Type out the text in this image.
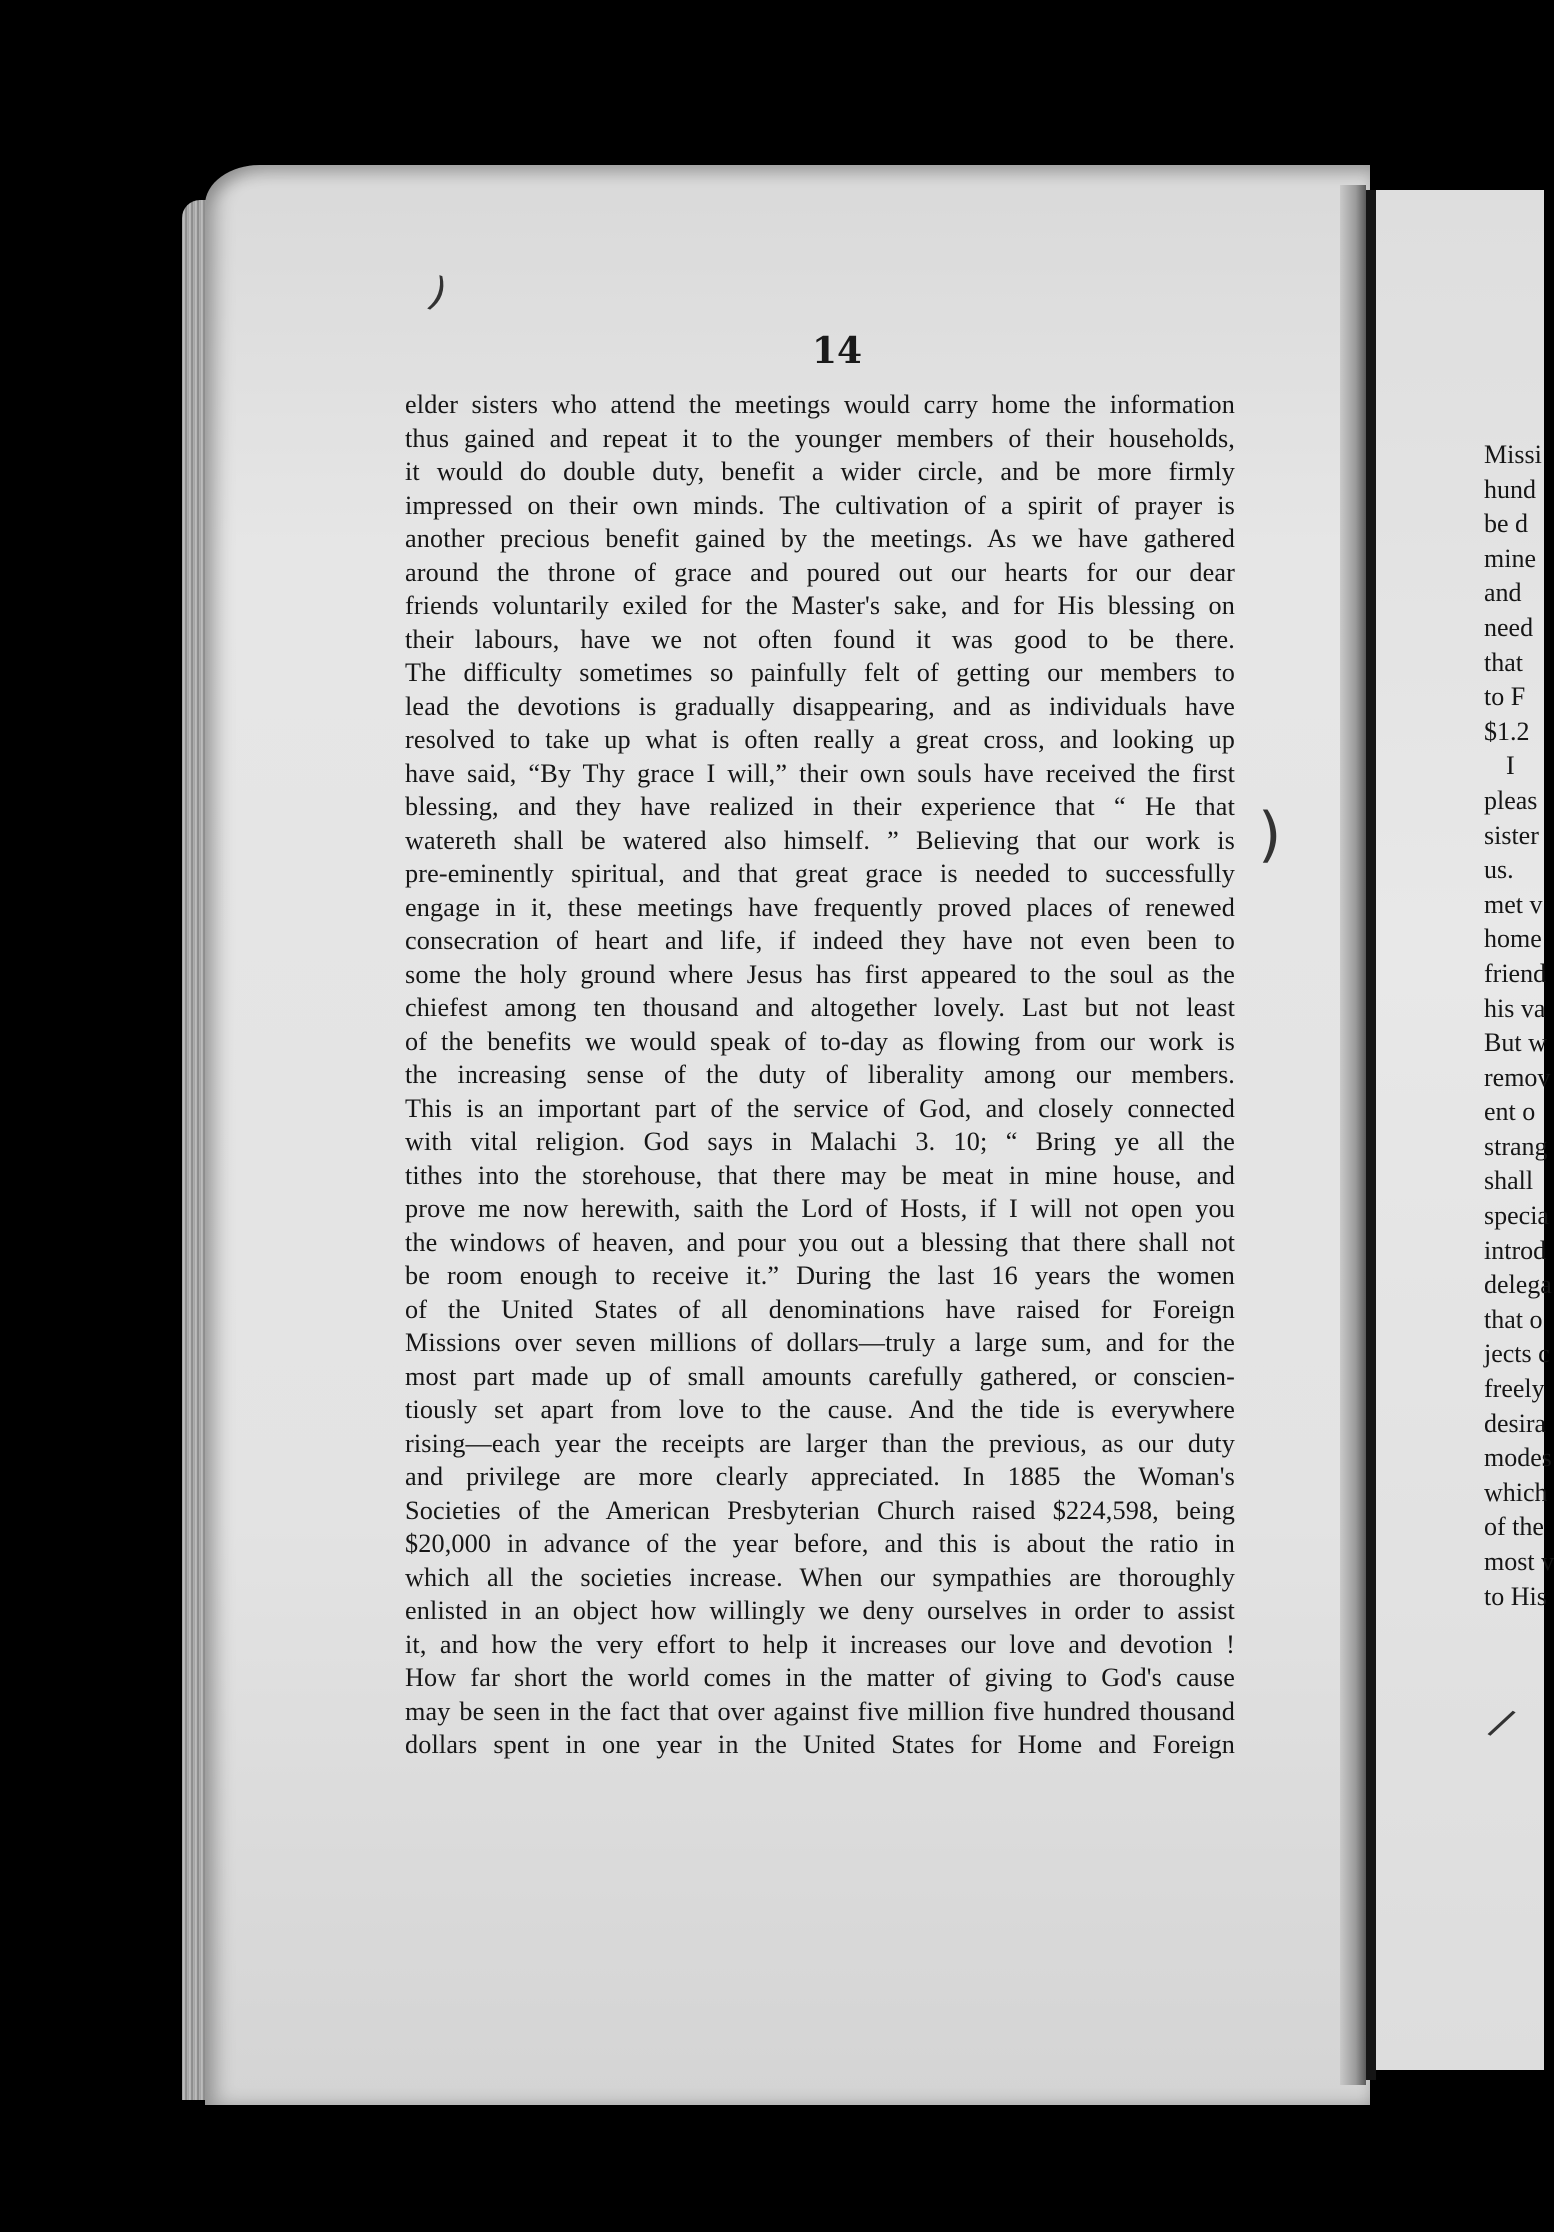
14
elder sisters who attend the meetings would carry home the information
thus gained and repeat it to the younger members of their households,
it would do double duty, benefit a wider circle, and be more firmly
impressed on their own minds. The cultivation of a spirit of prayer is
another precious benefit gained by the meetings. As we have gathered
around the throne of grace and poured out our hearts for our dear
friends voluntarily exiled for the Master's sake, and for His blessing on
their labours, have we not often found it was good to be there.
The difficulty sometimes so painfully felt of getting our members to
lead the devotions is gradually disappearing, and as individuals have
resolved to take up what is often really a great cross, and looking up
have said, “By Thy grace I will,” their own souls have received the first
blessing, and they have realized in their experience that “ He that
watereth shall be watered also himself. ” Believing that our work is
pre-eminently spiritual, and that great grace is needed to successfully
engage in it, these meetings have frequently proved places of renewed
consecration of heart and life, if indeed they have not even been to
some the holy ground where Jesus has first appeared to the soul as the
chiefest among ten thousand and altogether lovely. Last but not least
of the benefits we would speak of to-day as flowing from our work is
the increasing sense of the duty of liberality among our members.
This is an important part of the service of God, and closely connected
with vital religion. God says in Malachi 3. 10; “ Bring ye all the
tithes into the storehouse, that there may be meat in mine house, and
prove me now herewith, saith the Lord of Hosts, if I will not open you
the windows of heaven, and pour you out a blessing that there shall not
be room enough to receive it.” During the last 16 years the women
of the United States of all denominations have raised for Foreign
Missions over seven millions of dollars—truly a large sum, and for the
most part made up of small amounts carefully gathered, or conscien-
tiously set apart from love to the cause. And the tide is everywhere
rising—each year the receipts are larger than the previous, as our duty
and privilege are more clearly appreciated. In 1885 the Woman's
Societies of the American Presbyterian Church raised $224,598, being
$20,000 in advance of the year before, and this is about the ratio in
which all the societies increase. When our sympathies are thoroughly
enlisted in an object how willingly we deny ourselves in order to assist
it, and how the very effort to help it increases our love and devotion !
How far short the world comes in the matter of giving to God's cause
may be seen in the fact that over against five million five hundred thousand
dollars spent in one year in the United States for Home and Foreign
Missi
hund
be d
mine
and
need
that
to F
$1.2
I
pleas
sister
us.
met v
home
friend
his va
But w
remov
ent o
strang
shall
specia
introd
delega
that o
jects c
freely
desira
modes
which
of the
most v
to His
)
)
/
